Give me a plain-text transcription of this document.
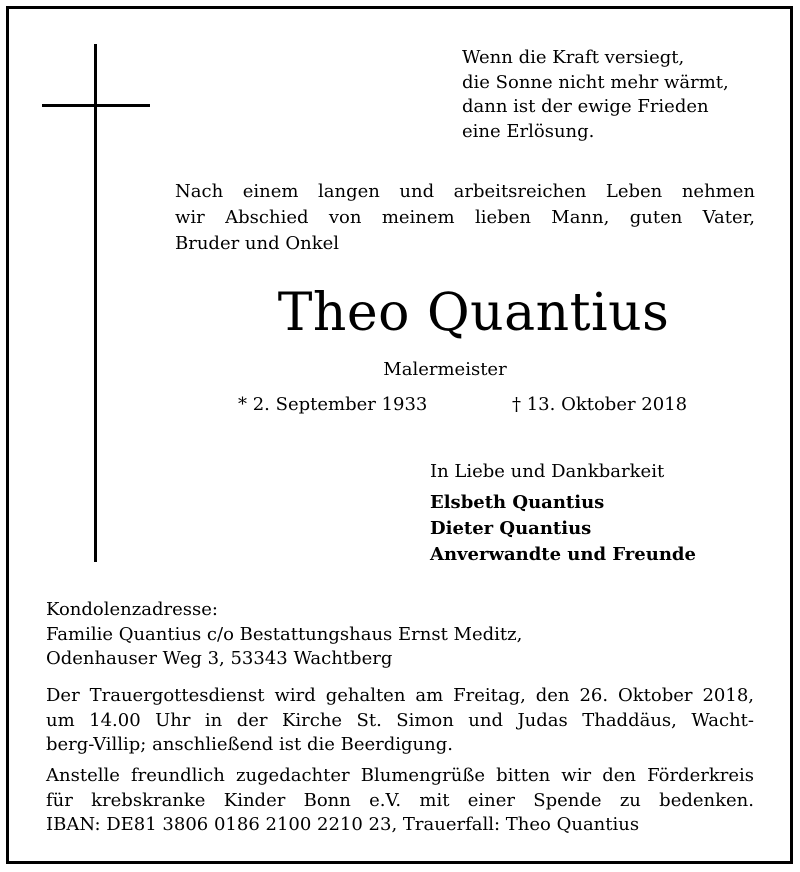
Wenn die Kraft versiegt,
die Sonne nicht mehr wärmt,
dann ist der ewige Frieden
eine Erlösung.
Nach einem langen und arbeitsreichen Leben nehmen
wir Abschied von meinem lieben Mann, guten Vater,
Bruder und Onkel
Theo Quantius
Malermeister
* 2. September 1933	† 13. Oktober 2018
In Liebe und Dankbarkeit
Elsbeth Quantius
Dieter Quantius
Anverwandte und Freunde
Kondolenzadresse:
Familie Quantius c/o Bestattungshaus Ernst Meditz,
Odenhauser Weg 3, 53343 Wachtberg
Der Trauergottesdienst wird gehalten am Freitag, den 26. Oktober 2018,
um 14.00 Uhr in der Kirche St. Simon und Judas Thaddäus, Wacht-
berg-Villip; anschließend ist die Beerdigung.
Anstelle freundlich zugedachter Blumengrüße bitten wir den Förderkreis
für krebskranke Kinder Bonn e.V. mit einer Spende zu bedenken.
IBAN: DE81 3806 0186 2100 2210 23, Trauerfall: Theo Quantius
